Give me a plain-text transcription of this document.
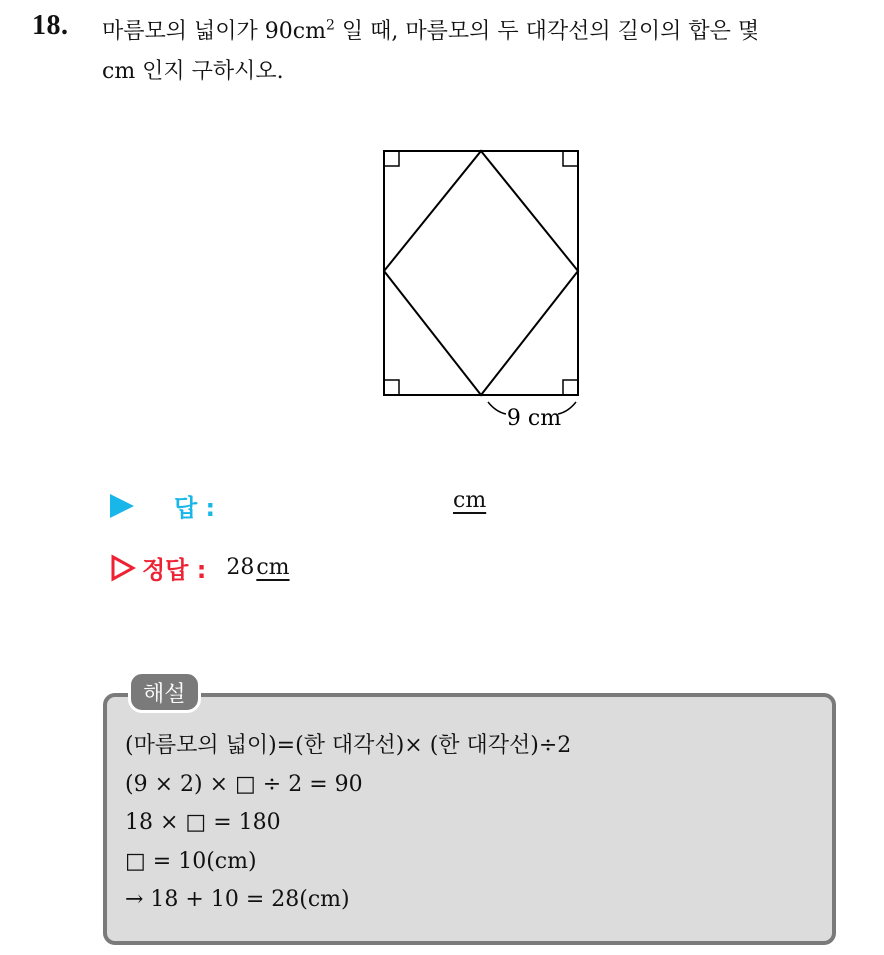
18. 마름모의 넓이가 $90cm^2$ 일 때, 마름모의 두 대각선의 길이의 합은 몇
cm 인지 구하시오.
9 cm
답 :	cm
정답 : 28cm
해설
(마름모의 넓이)=(한 대각선)× (한 대각선)÷2
(9 × 2) × □ ÷ 2 = 90
18 × □ = 180
□ = 10(cm)
→ 18 + 10 = 28(cm)
